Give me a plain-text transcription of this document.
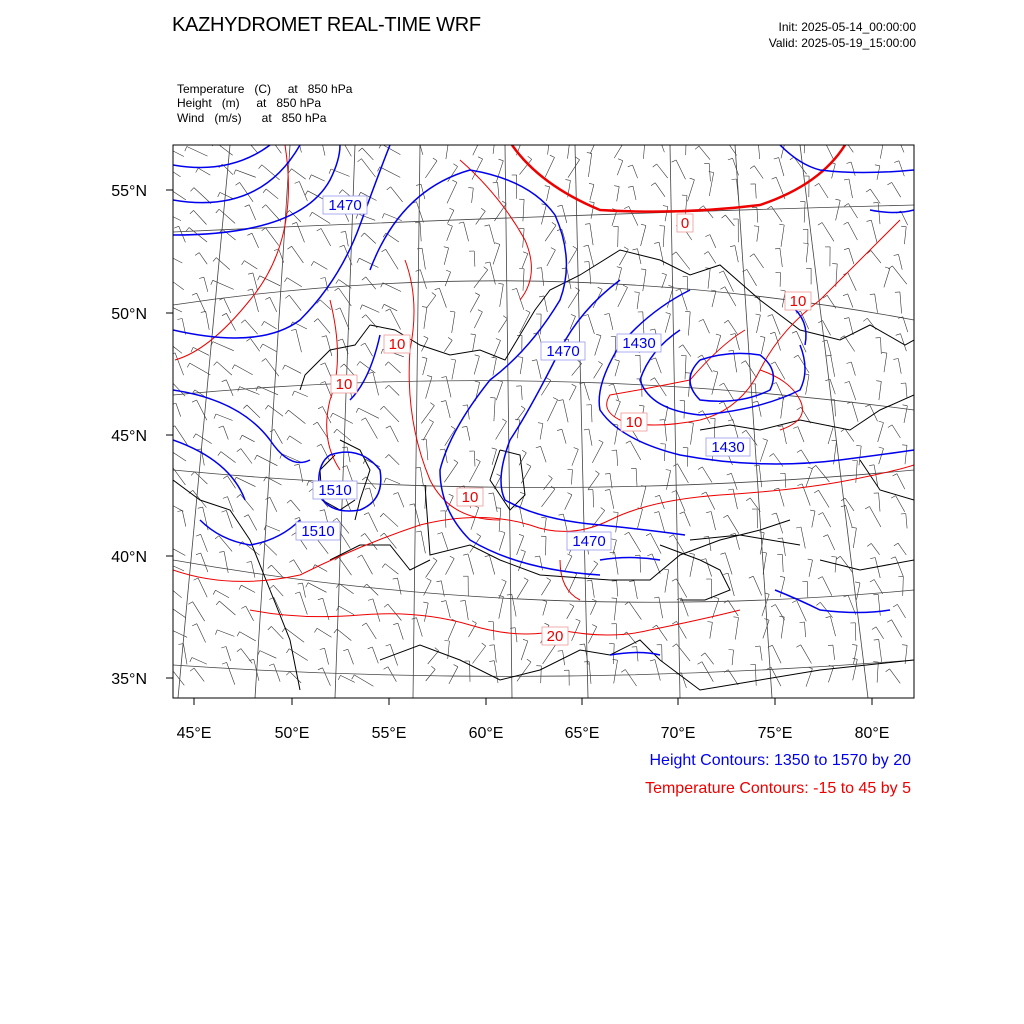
KAZHYDROMET REAL-TIME WRF	Init: 2025-05-14_00:00:00
Valid: 2025-05-19_15:00:00
Temperature   (C)     at   850 hPa
Height   (m)     at   850 hPa
Wind   (m/s)      at   850 hPa
55°N
50°N
45°N
40°N
35°N
45°E	50°E	55°E	60°E	65°E	70°E	75°E	80°E
1470
1470	1430
1430
1510
1510
1470
0
10
10
10
10
10
20
Height Contours: 1350 to 1570 by 20
Temperature Contours: -15 to 45 by 5
